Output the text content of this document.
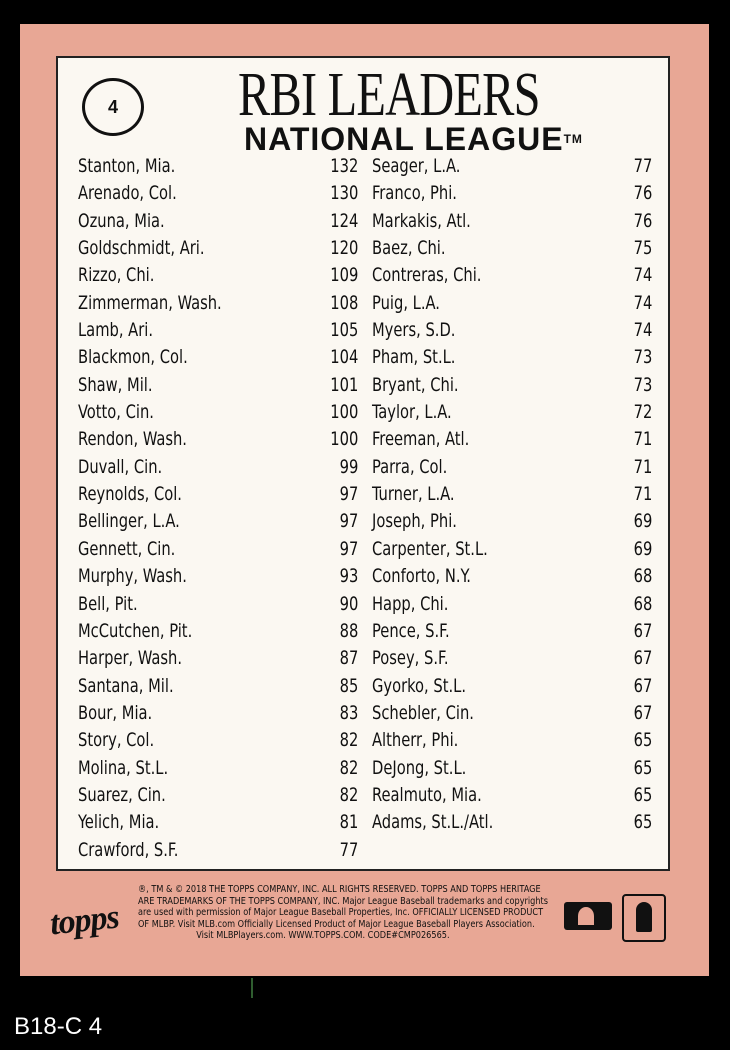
4	RBI LEADERS
NATIONAL LEAGUE™
Stanton, Mia.	132
Arenado, Col.	130
Ozuna, Mia.	124
Goldschmidt, Ari.	120
Rizzo, Chi.	109
Zimmerman, Wash.	108
Lamb, Ari.	105
Blackmon, Col.	104
Shaw, Mil.	101
Votto, Cin.	100
Rendon, Wash.	100
Duvall, Cin.	99
Reynolds, Col.	97
Bellinger, L.A.	97
Gennett, Cin.	97
Murphy, Wash.	93
Bell, Pit.	90
McCutchen, Pit.	88
Harper, Wash.	87
Santana, Mil.	85
Bour, Mia.	83
Story, Col.	82
Molina, St.L.	82
Suarez, Cin.	82
Yelich, Mia.	81
Crawford, S.F.	77
Seager, L.A.	77
Franco, Phi.	76
Markakis, Atl.	76
Baez, Chi.	75
Contreras, Chi.	74
Puig, L.A.	74
Myers, S.D.	74
Pham, St.L.	73
Bryant, Chi.	73
Taylor, L.A.	72
Freeman, Atl.	71
Parra, Col.	71
Turner, L.A.	71
Joseph, Phi.	69
Carpenter, St.L.	69
Conforto, N.Y.	68
Happ, Chi.	68
Pence, S.F.	67
Posey, S.F.	67
Gyorko, St.L.	67
Schebler, Cin.	67
Altherr, Phi.	65
DeJong, St.L.	65
Realmuto, Mia.	65
Adams, St.L./Atl.	65
topps
®, TM & © 2018 THE TOPPS COMPANY, INC. ALL RIGHTS RESERVED. TOPPS AND TOPPS HERITAGE
ARE TRADEMARKS OF THE TOPPS COMPANY, INC. Major League Baseball trademarks and copyrights
are used with permission of Major League Baseball Properties, Inc. OFFICIALLY LICENSED PRODUCT
OF MLBP. Visit MLB.com Officially Licensed Product of Major League Baseball Players Association.
Visit MLBPlayers.com. WWW.TOPPS.COM. CODE#CMP026565.
B18-C 4
